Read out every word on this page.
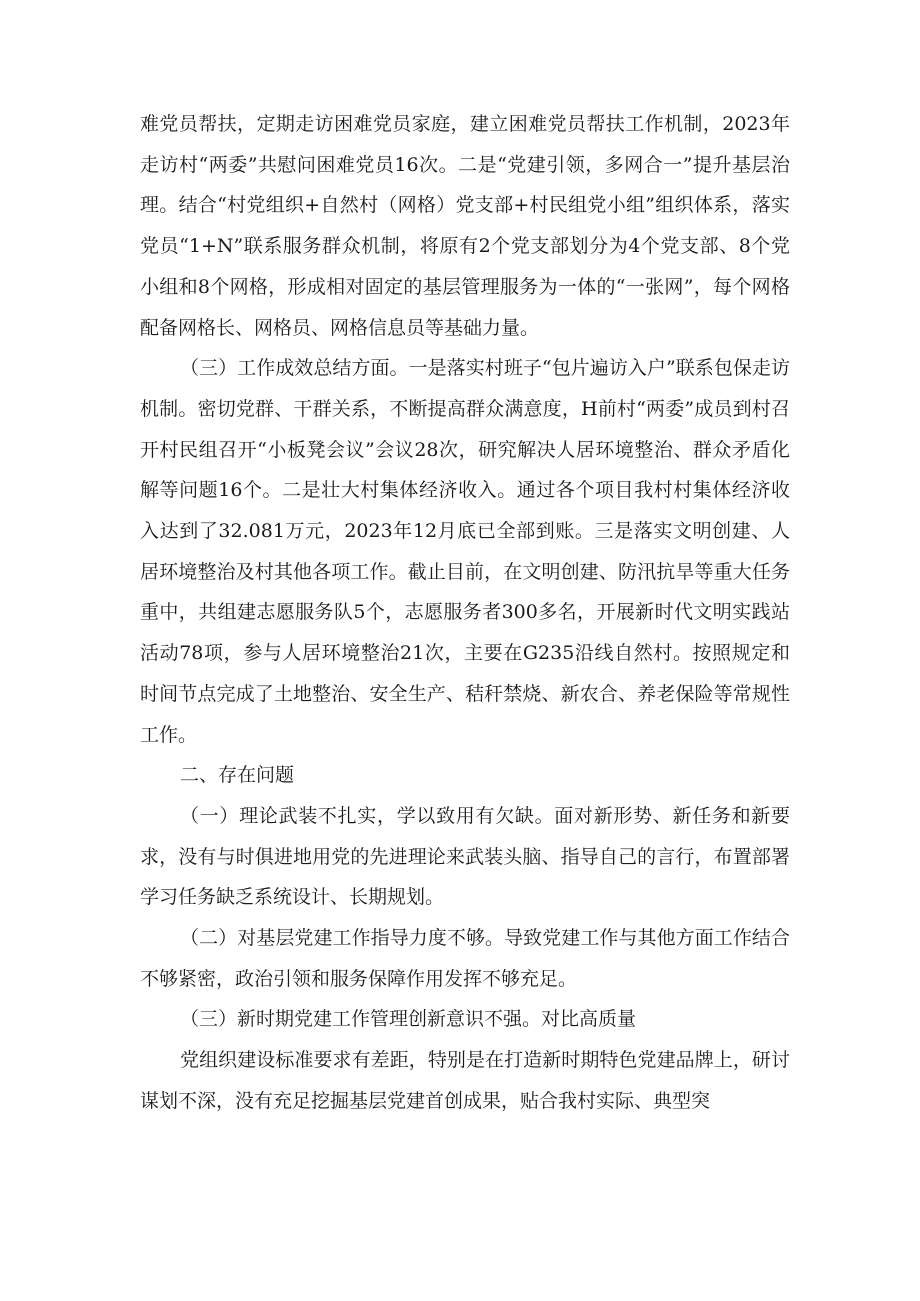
难党员帮扶，定期走访困难党员家庭，建立困难党员帮扶工作机制，2023年走访村“两委”共慰问困难党员16次。二是“党建引领，多网合一”提升基层治理。结合“村党组织+自然村（网格）党支部+村民组党小组”组织体系，落实党员“1+N”联系服务群众机制，将原有2个党支部划分为4个党支部、8个党小组和8个网格，形成相对固定的基层管理服务为一体的“一张网”，每个网格配备网格长、网格员、网格信息员等基础力量。

（三）工作成效总结方面。一是落实村班子“包片遍访入户”联系包保走访机制。密切党群、干群关系，不断提高群众满意度，H前村“两委”成员到村召开村民组召开“小板凳会议”会议28次，研究解决人居环境整治、群众矛盾化解等问题16个。二是壮大村集体经济收入。通过各个项目我村村集体经济收入达到了32.081万元，2023年12月底已全部到账。三是落实文明创建、人居环境整治及村其他各项工作。截止目前，在文明创建、防汛抗旱等重大任务重中，共组建志愿服务队5个，志愿服务者300多名，开展新时代文明实践站活动78项，参与人居环境整治21次，主要在G235沿线自然村。按照规定和时间节点完成了土地整治、安全生产、秸秆禁烧、新农合、养老保险等常规性工作。

二、存在问题

（一）理论武装不扎实，学以致用有欠缺。面对新形势、新任务和新要求，没有与时俱进地用党的先进理论来武装头脑、指导自己的言行，布置部署学习任务缺乏系统设计、长期规划。

（二）对基层党建工作指导力度不够。导致党建工作与其他方面工作结合不够紧密，政治引领和服务保障作用发挥不够充足。

（三）新时期党建工作管理创新意识不强。对比高质量

党组织建设标准要求有差距，特别是在打造新时期特色党建品牌上，研讨谋划不深，没有充足挖掘基层党建首创成果，贴合我村实际、典型突
